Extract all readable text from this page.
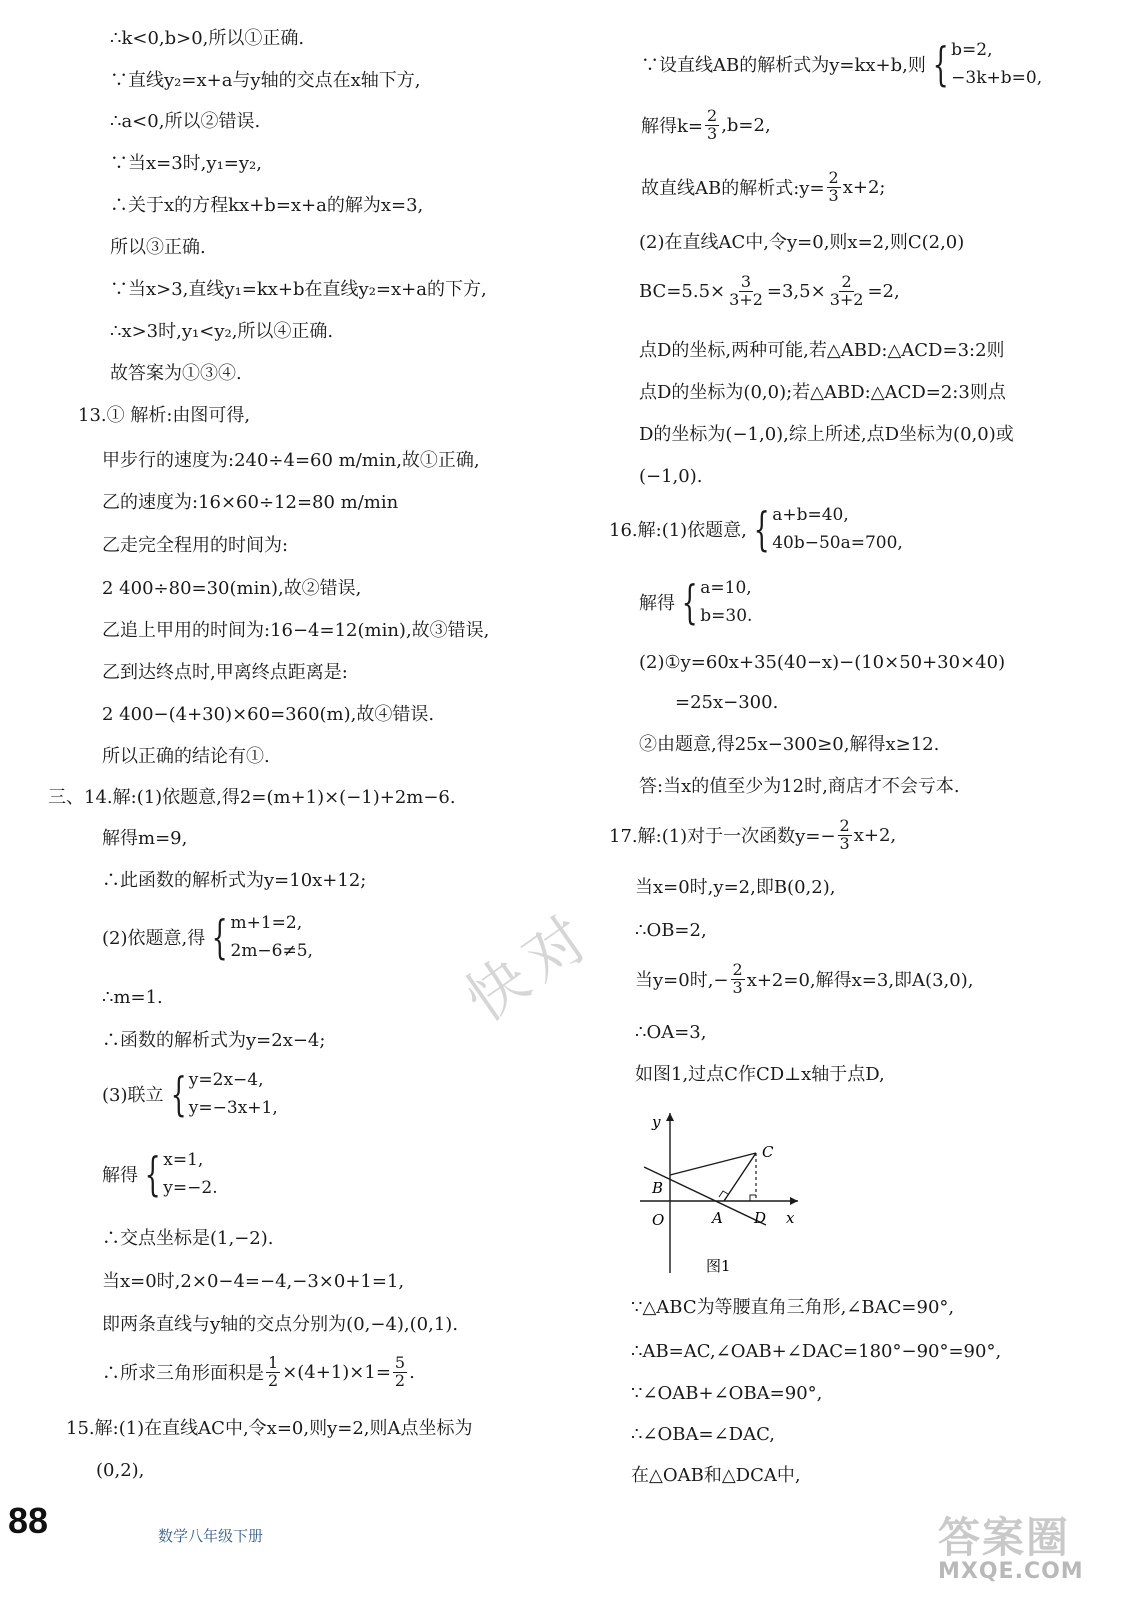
∴k<0,b>0,所以①正确.
∵直线y₂=x+a与y轴的交点在x轴下方,
∴a<0,所以②错误.
∵当x=3时,y₁=y₂,
∴关于x的方程kx+b=x+a的解为x=3,
所以③正确.
∵当x>3,直线y₁=kx+b在直线y₂=x+a的下方,
∴x>3时,y₁<y₂,所以④正确.
故答案为①③④.
13.① 解析:由图可得,
甲步行的速度为:240÷4=60 m/min,故①正确,
乙的速度为:16×60÷12=80 m/min
乙走完全程用的时间为:
2 400÷80=30(min),故②错误,
乙追上甲用的时间为:16−4=12(min),故③错误,
乙到达终点时,甲离终点距离是:
2 400−(4+30)×60=360(m),故④错误.
所以正确的结论有①.
三、14.解:(1)依题意,得2=(m+1)×(−1)+2m−6.
解得m=9,
∴此函数的解析式为y=10x+12;
(2)依题意,得 { m+1=2,
2m−6≠5,
∴m=1.
∴函数的解析式为y=2x−4;
(3)联立 { y=2x−4,
y=−3x+1,
解得 { x=1,
y=−2.
∴交点坐标是(1,−2).
当x=0时,2×0−4=−4,−3×0+1=1,
即两条直线与y轴的交点分别为(0,−4),(0,1).
∴所求三角形面积是 $\frac{1}{2} \times(4+1)\times 1= \frac{5}{2}$ .
15.解:(1)在直线AC中,令x=0,则y=2,则A点坐标为
(0,2),
∵设直线AB的解析式为y=kx+b,则 { b=2,
−3k+b=0,
解得$k= \frac{2}{3} ,b=2$,
故直线AB的解析式:y= $\frac{2}{3} x+2$;
(2)在直线AC中,令y=0,则x=2,则C(2,0)
$BC=5.5\times \frac{3}{3+2} =3,5\times \frac{2}{3+2} =2$,
点D的坐标,两种可能,若△ABD:△ACD=3:2则
点D的坐标为(0,0);若△ABD:△ACD=2:3则点
D的坐标为(−1,0),综上所述,点D坐标为(0,0)或
(−1,0).
16.解:(1)依题意, { a+b=40,
40b−50a=700,
解得 { a=10,
b=30.
(2)①y=60x+35(40−x)−(10×50+30×40)
=25x−300.
②由题意,得25x−300≥0,解得x≥12.
答:当x的值至少为12时,商店才不会亏本.
17.解:(1)对于一次函数$y=- \frac{2}{3} x+2$,
当x=0时,y=2,即B(0,2),
∴OB=2,
当y=0时,− $\frac{2}{3} x+2=0$,解得x=3,即A(3,0),
∴OA=3,
如图1,过点C作CD⊥x轴于点D,
∵△ABC为等腰直角三角形,∠BAC=90°,
∴AB=AC,∠OAB+∠DAC=180°−90°=90°,
∵∠OAB+∠OBA=90°,
∴∠OBA=∠DAC,
在△OAB和△DCA中,
y
x
O	A
B
C
D
图1
快对
88	数学八年级下册	答案圈
MXQE.COM
